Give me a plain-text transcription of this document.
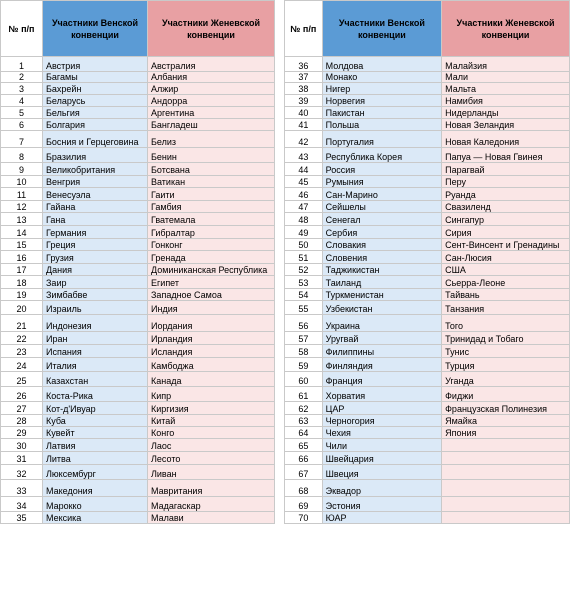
№ п/п	Участники Венской конвенции	Участники Женевской конвенции
1	Австрия	Австралия
2	Багамы	Албания
3	Бахрейн	Алжир
4	Беларусь	Андорра
5	Бельгия	Аргентина
6	Болгария	Бангладеш
7	Босния и Герцеговина	Белиз
8	Бразилия	Бенин
9	Великобритания	Ботсвана
10	Венгрия	Ватикан
11	Венесуэла	Гаити
12	Гайана	Гамбия
13	Гана	Гватемала
14	Германия	Гибралтар
15	Греция	Гонконг
16	Грузия	Гренада
17	Дания	Доминиканская Республика
18	Заир	Египет
19	Зимбабве	Западное Самоа
20	Израиль	Индия
21	Индонезия	Иордания
22	Иран	Ирландия
23	Испания	Исландия
24	Италия	Камбоджа
25	Казахстан	Канада
26	Коста-Рика	Кипр
27	Кот-д'Ивуар	Киргизия
28	Куба	Китай
29	Кувейт	Конго
30	Латвия	Лаос
31	Литва	Лесото
32	Люксембург	Ливан
33	Македония	Мавритания
34	Марокко	Мадагаскар
35	Мексика	Малави
№ п/п	Участники Венской конвенции	Участники Женевской конвенции
36	Молдова	Малайзия
37	Монако	Мали
38	Нигер	Мальта
39	Норвегия	Намибия
40	Пакистан	Нидерланды
41	Польша	Новая Зеландия
42	Португалия	Новая Каледония
43	Республика Корея	Папуа — Новая Гвинея
44	Россия	Парагвай
45	Румыния	Перу
46	Сан-Марино	Руанда
47	Сейшелы	Свазиленд
48	Сенегал	Сингапур
49	Сербия	Сирия
50	Словакия	Сент-Винсент и Гренадины
51	Словения	Сан-Люсия
52	Таджикистан	США
53	Таиланд	Сьерра-Леоне
54	Туркменистан	Тайвань
55	Узбекистан	Танзания
56	Украина	Того
57	Уругвай	Тринидад и Тобаго
58	Филиппины	Тунис
59	Финляндия	Турция
60	Франция	Уганда
61	Хорватия	Фиджи
62	ЦАР	Французская Полинезия
63	Черногория	Ямайка
64	Чехия	Япония
65	Чили	
66	Швейцария	
67	Швеция	
68	Эквадор	
69	Эстония	
70	ЮАР	
